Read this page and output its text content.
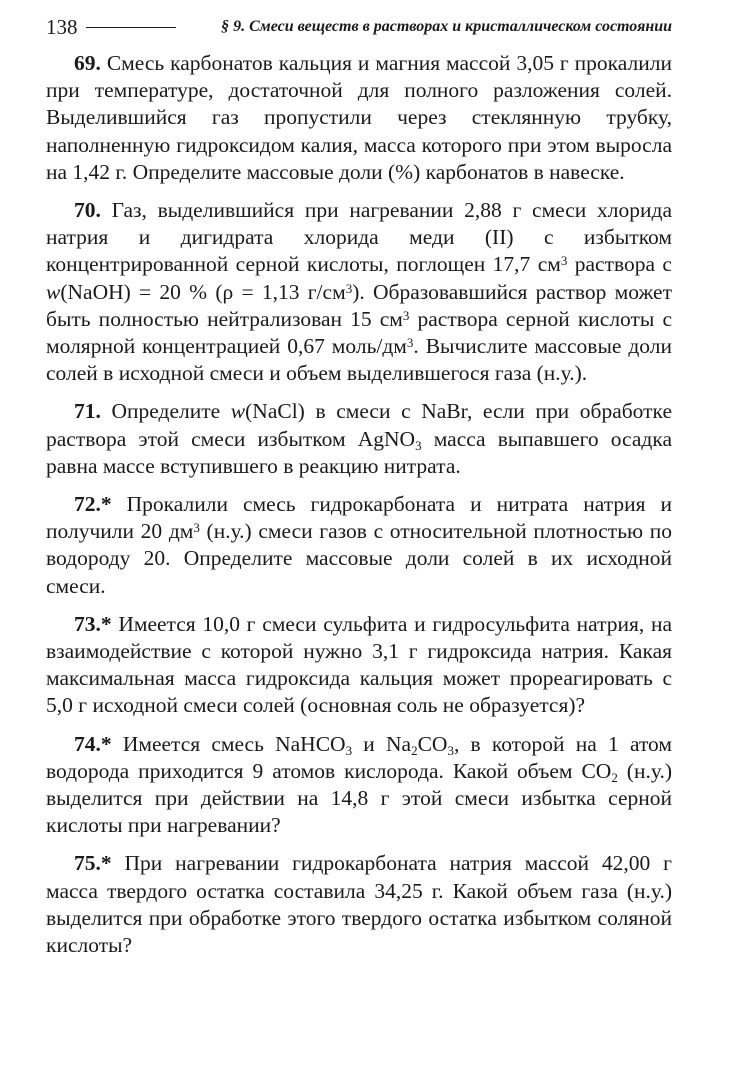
138	§ 9. Смеси веществ в растворах и кристаллическом состоянии

69. Смесь карбонатов кальция и магния массой 3,05 г прокалили при температуре, достаточной для полного разложения солей. Выделившийся газ пропустили через стеклянную трубку, наполненную гидроксидом калия, масса которого при этом выросла на 1,42 г. Определите массовые доли (%) карбонатов в навеске.

70. Газ, выделившийся при нагревании 2,88 г смеси хлорида натрия и дигидрата хлорида меди (II) с избытком концентрированной серной кислоты, поглощен 17,7 $см^3$ раствора с w(NaOH) = 20 % (ρ = 1,13 $г/см^3$). Образовавшийся раствор может быть полностью нейтрализован 15 $см^3$ раствора серной кислоты с молярной концентрацией 0,67 моль/$дм^3$. Вычислите массовые доли солей в исходной смеси и объем выделившегося газа (н.у.).

71. Определите w(NaCl) в смеси с NaBr, если при обработке раствора этой смеси избытком AgNO$_3$ масса выпавшего осадка равна массе вступившего в реакцию нитрата.

72.* Прокалили смесь гидрокарбоната и нитрата натрия и получили 20 $дм^3$ (н.у.) смеси газов с относительной плотностью по водороду 20. Определите массовые доли солей в их исходной смеси.

73.* Имеется 10,0 г смеси сульфита и гидросульфита натрия, на взаимодействие с которой нужно 3,1 г гидроксида натрия. Какая максимальная масса гидроксида кальция может прореагировать с 5,0 г исходной смеси солей (основная соль не образуется)?

74.* Имеется смесь NaHCO$_3$ и $Na_2CO_3$, в которой на 1 атом водорода приходится 9 атомов кислорода. Какой объем $CO_2$ (н.у.) выделится при действии на 14,8 г этой смеси избытка серной кислоты при нагревании?

75.* При нагревании гидрокарбоната натрия массой 42,00 г масса твердого остатка составила 34,25 г. Какой объем газа (н.у.) выделится при обработке этого твердого остатка избытком соляной кислоты?
